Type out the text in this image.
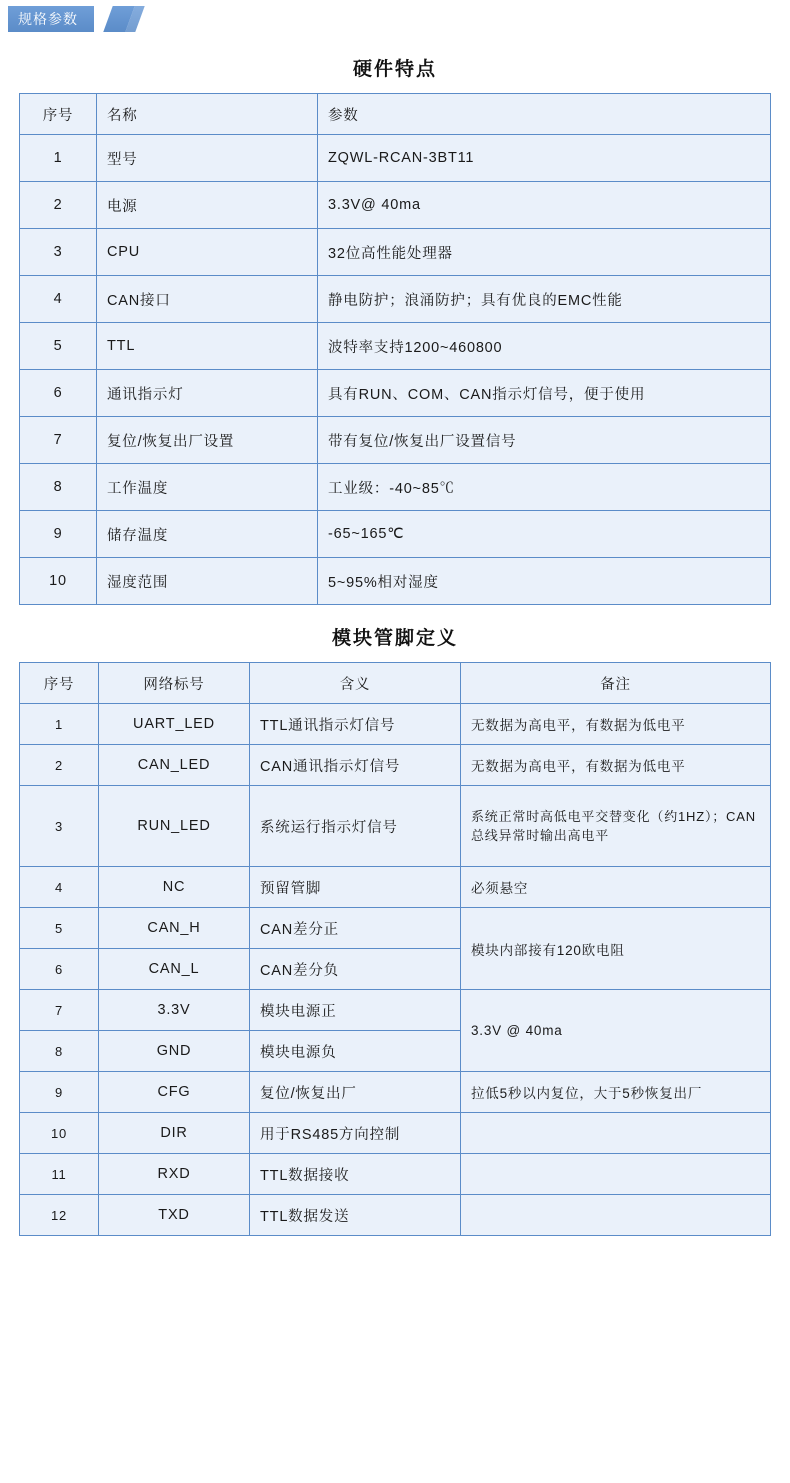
规格参数
硬件特点
序号	名称	参数
1	型号	ZQWL-RCAN-3BT11
2	电源	3.3V@ 40ma
3	CPU	32位高性能处理器
4	CAN接口	静电防护；浪涌防护；具有优良的EMC性能
5	TTL	波特率支持1200~460800
6	通讯指示灯	具有RUN、COM、CAN指示灯信号，便于使用
7	复位/恢复出厂设置	带有复位/恢复出厂设置信号
8	工作温度	工业级：-40~85℃
9	储存温度	-65~165℃
10	湿度范围	5~95%相对湿度
模块管脚定义
序号	网络标号	含义	备注
1	UART_LED	TTL通讯指示灯信号	无数据为高电平，有数据为低电平
2	CAN_LED	CAN通讯指示灯信号	无数据为高电平，有数据为低电平
3	RUN_LED	系统运行指示灯信号	系统正常时高低电平交替变化（约1HZ）；CAN总线异常时输出高电平
4	NC	预留管脚	必须悬空
5	CAN_H	CAN差分正	模块内部接有120欧电阻
6	CAN_L	CAN差分负	
7	3.3V	模块电源正	3.3V @ 40ma
8	GND	模块电源负	
9	CFG	复位/恢复出厂	拉低5秒以内复位，大于5秒恢复出厂
10	DIR	用于RS485方向控制	
11	RXD	TTL数据接收	
12	TXD	TTL数据发送	
